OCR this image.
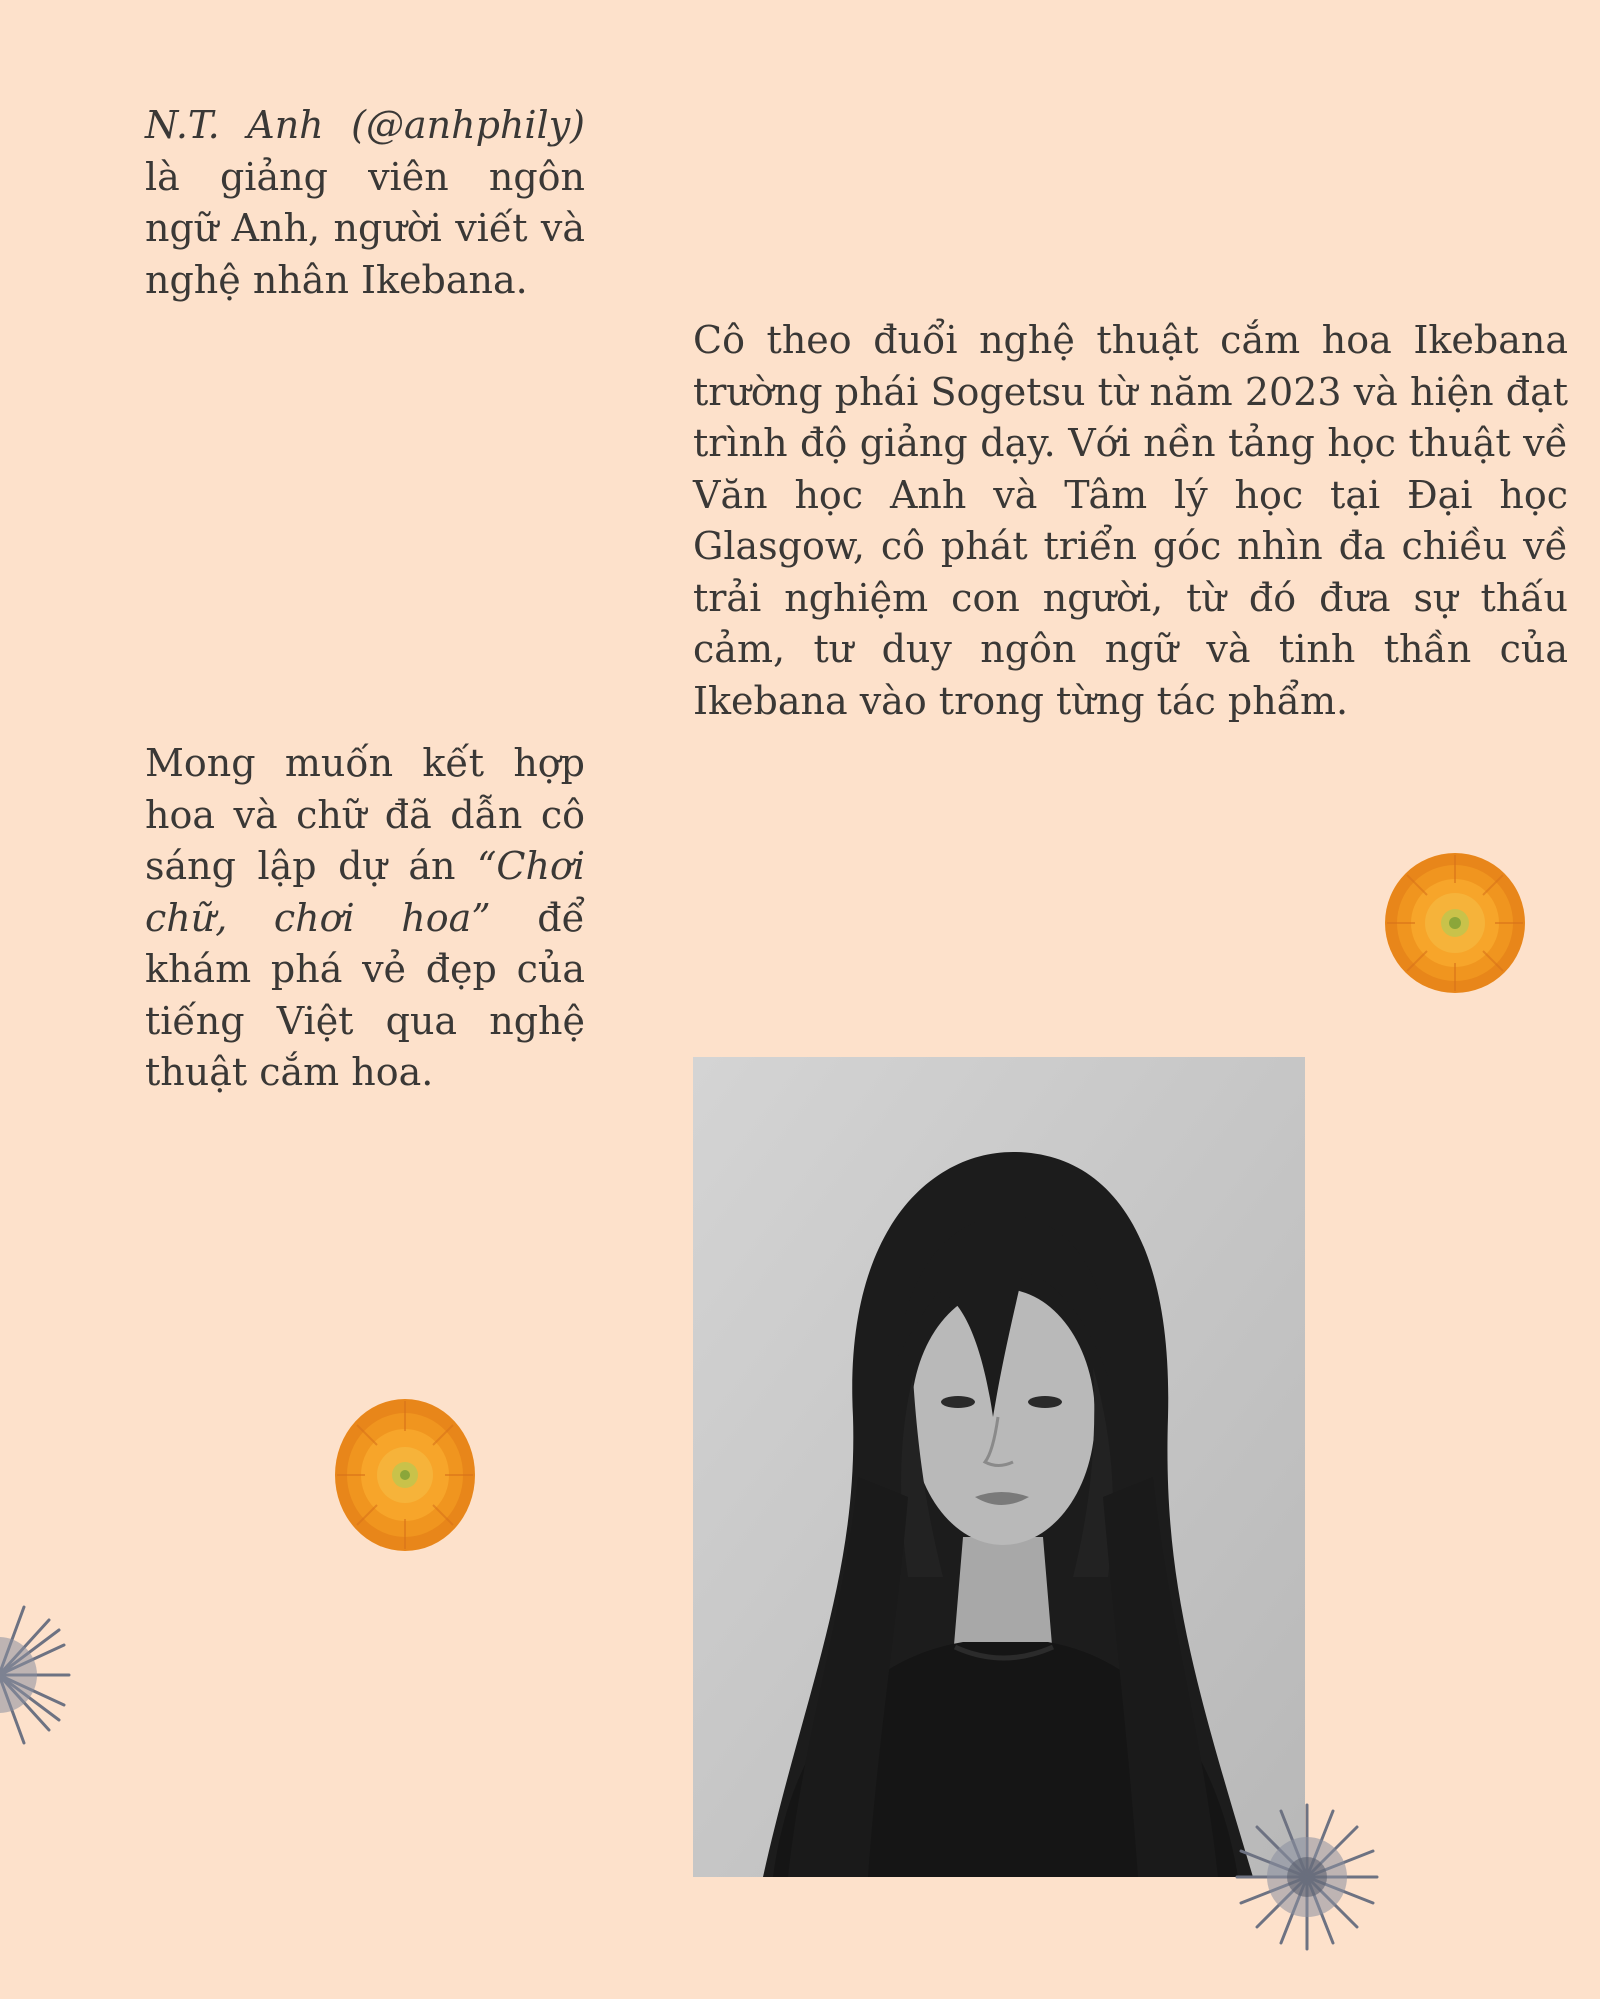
N.T. Anh (@anhphily) là giảng viên ngôn ngữ Anh, người viết và nghệ nhân Ikebana.

Cô theo đuổi nghệ thuật cắm hoa Ikebana trường phái Sogetsu từ năm 2023 và hiện đạt trình độ giảng dạy. Với nền tảng học thuật về Văn học Anh và Tâm lý học tại Đại học Glasgow, cô phát triển góc nhìn đa chiều về trải nghiệm con người, từ đó đưa sự thấu cảm, tư duy ngôn ngữ và tinh thần của Ikebana vào trong từng tác phẩm.

Mong muốn kết hợp hoa và chữ đã dẫn cô sáng lập dự án “Chơi chữ, chơi hoa” để khám phá vẻ đẹp của tiếng Việt qua nghệ thuật cắm hoa.
